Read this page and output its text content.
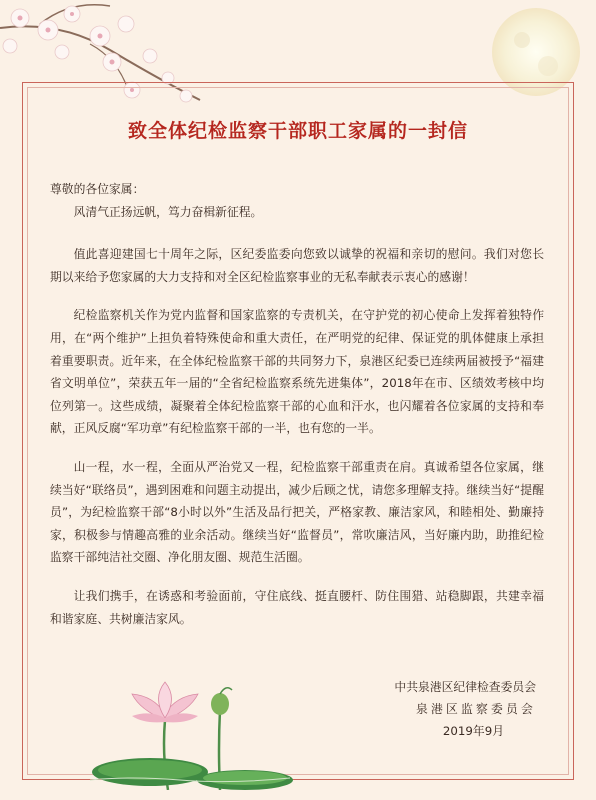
致全体纪检监察干部职工家属的一封信

尊敬的各位家属：

风清气正扬远帆，笃力奋楫新征程。

值此喜迎建国七十周年之际，区纪委监委向您致以诚挚的祝福和亲切的慰问。我们对您长期以来给予您家属的大力支持和对全区纪检监察事业的无私奉献表示衷心的感谢！

纪检监察机关作为党内监督和国家监察的专责机关，在守护党的初心使命上发挥着独特作用，在“两个维护”上担负着特殊使命和重大责任，在严明党的纪律、保证党的肌体健康上承担着重要职责。近年来，在全体纪检监察干部的共同努力下，泉港区纪委已连续两届被授予“福建省文明单位”，荣获五年一届的“全省纪检监察系统先进集体”，2018年在市、区绩效考核中均位列第一。这些成绩，凝聚着全体纪检监察干部的心血和汗水，也闪耀着各位家属的支持和奉献，正风反腐“军功章”有纪检监察干部的一半，也有您的一半。

山一程，水一程，全面从严治党又一程，纪检监察干部重责在肩。真诚希望各位家属，继续当好“联络员”，遇到困难和问题主动提出，减少后顾之忧，请您多理解支持。继续当好“提醒员”，为纪检监察干部“8小时以外”生活及品行把关，严格家教、廉洁家风，和睦相处、勤廉持家，积极参与情趣高雅的业余活动。继续当好“监督员”，常吹廉洁风，当好廉内助，助推纪检监察干部纯洁社交圈、净化朋友圈、规范生活圈。

让我们携手，在诱惑和考验面前，守住底线、挺直腰杆、防住围猎、站稳脚跟，共建幸福和谐家庭、共树廉洁家风。

中共泉港区纪律检查委员会
泉港区监察委员会
2019年9月
